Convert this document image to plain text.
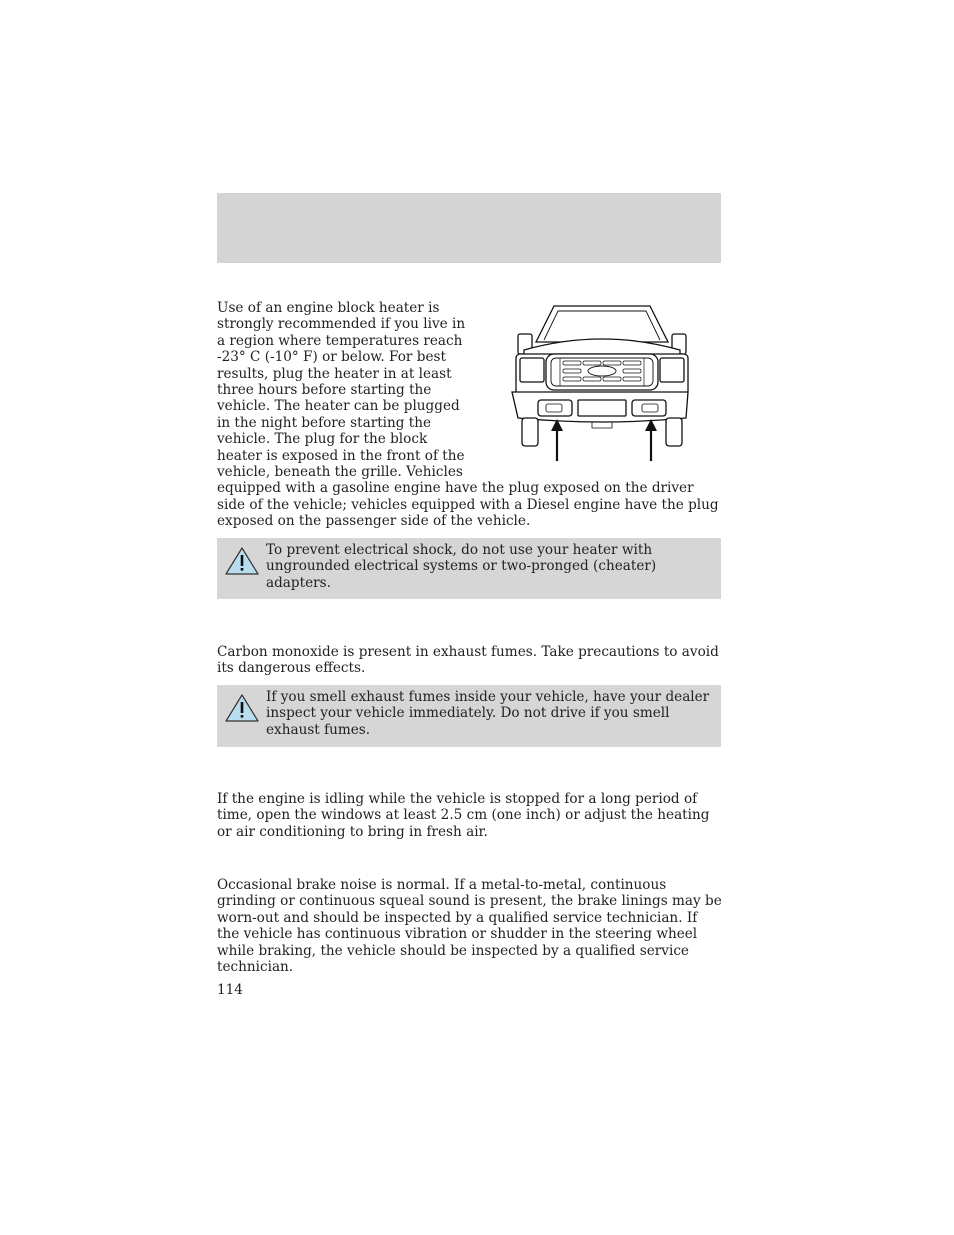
Use of an engine block heater is
strongly recommended if you live in
a region where temperatures reach
-23° C (-10° F) or below. For best
results, plug the heater in at least
three hours before starting the
vehicle. The heater can be plugged
in the night before starting the
vehicle. The plug for the block
heater is exposed in the front of the
vehicle, beneath the grille. Vehicles
equipped with a gasoline engine have the plug exposed on the driver
side of the vehicle; vehicles equipped with a Diesel engine have the plug
exposed on the passenger side of the vehicle.
To prevent electrical shock, do not use your heater with ungrounded electrical systems or two-pronged (cheater) adapters.

Carbon monoxide is present in exhaust fumes. Take precautions to avoid its dangerous effects.

If you smell exhaust fumes inside your vehicle, have your dealer inspect your vehicle immediately. Do not drive if you smell exhaust fumes.

If the engine is idling while the vehicle is stopped for a long period of time, open the windows at least 2.5 cm (one inch) or adjust the heating or air conditioning to bring in fresh air.

Occasional brake noise is normal. If a metal-to-metal, continuous grinding or continuous squeal sound is present, the brake linings may be worn-out and should be inspected by a qualified service technician. If the vehicle has continuous vibration or shudder in the steering wheel while braking, the vehicle should be inspected by a qualified service technician.

114
